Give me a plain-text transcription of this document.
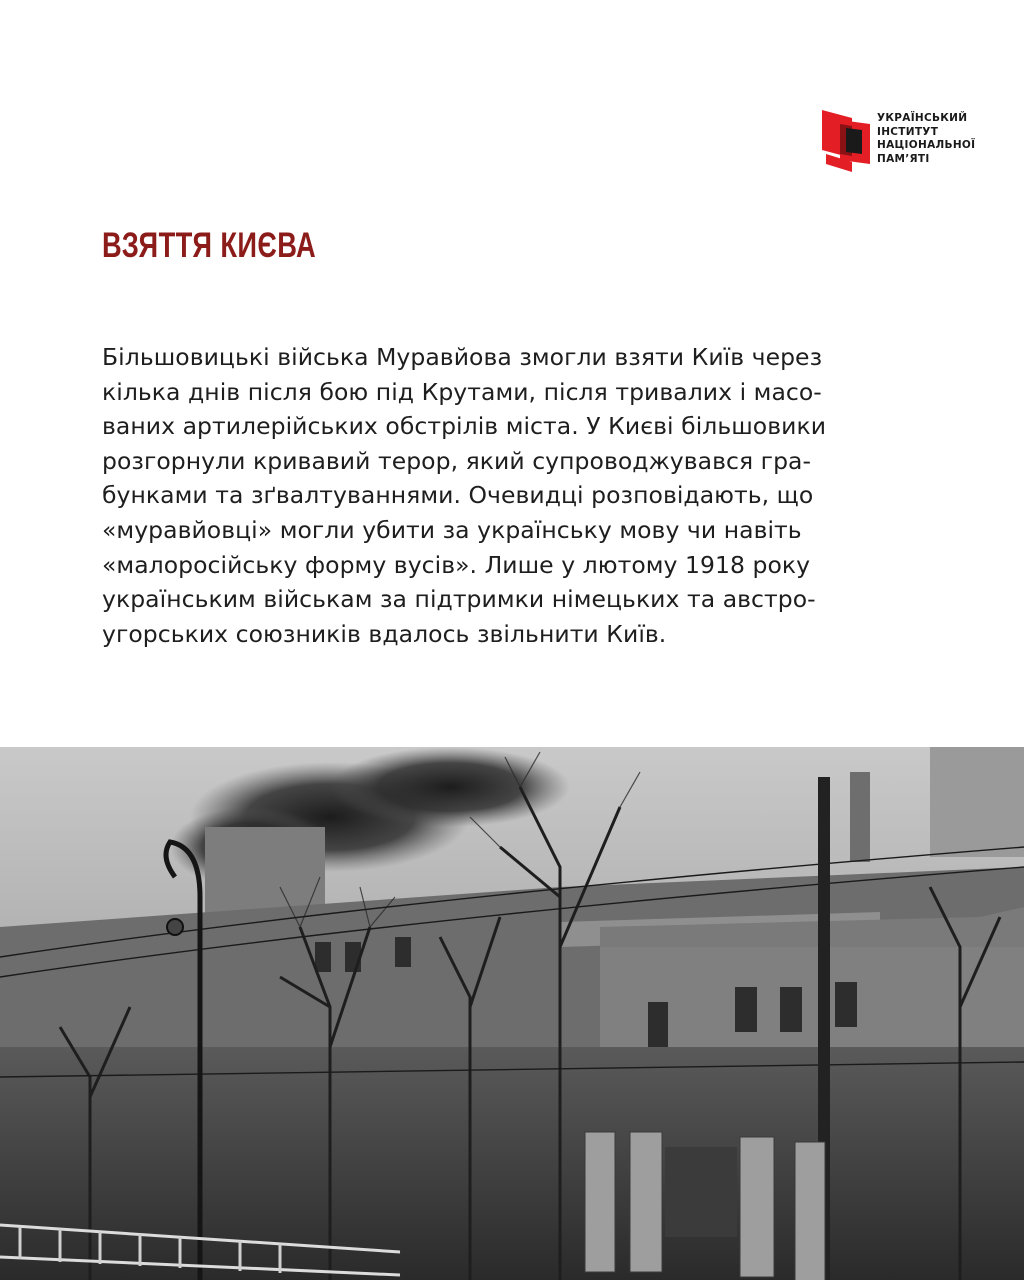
УКРАЇНСЬКИЙ
ІНСТИТУТ
НАЦІОНАЛЬНОЇ
ПАМ’ЯТІ
ВЗЯТТЯ КИЄВА
Більшовицькі війська Муравйова змогли взяти Київ через
кілька днів після бою під Крутами, після тривалих і масо-
ваних артилерійських обстрілів міста. У Києві більшовики
розгорнули кривавий терор, який супроводжувався гра-
бунками та зґвалтуваннями. Очевидці розповідають, що
«муравйовці» могли убити за українську мову чи навіть
«малоросійську форму вусів». Лише у лютому 1918 року
українським військам за підтримки німецьких та австро-
угорських союзників вдалось звільнити Київ.
